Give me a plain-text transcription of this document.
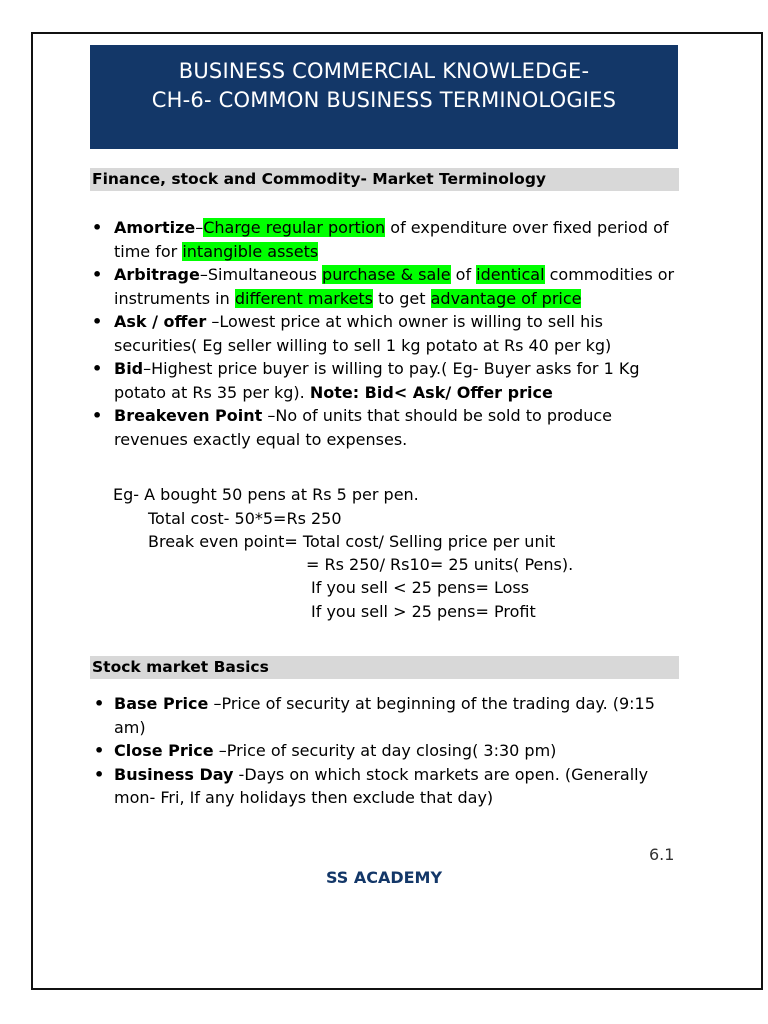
BUSINESS COMMERCIAL KNOWLEDGE-
CH-6- COMMON BUSINESS TERMINOLOGIES
Finance, stock and Commodity- Market Terminology
• Amortize–Charge regular portion of expenditure over fixed period of time for intangible assets
• Arbitrage–Simultaneous purchase & sale of identical commodities or instruments in different markets to get advantage of price
• Ask / offer –Lowest price at which owner is willing to sell his securities( Eg seller willing to sell 1 kg potato at Rs 40 per kg)
• Bid–Highest price buyer is willing to pay.( Eg- Buyer asks for 1 Kg potato at Rs 35 per kg). Note: Bid< Ask/ Offer price
• Breakeven Point –No of units that should be sold to produce revenues exactly equal to expenses.
Eg- A bought 50 pens at Rs 5 per pen.
Total cost- 50*5=Rs 250
Break even point= Total cost/ Selling price per unit
= Rs 250/ Rs10= 25 units( Pens).
If you sell < 25 pens= Loss
If you sell > 25 pens= Profit
Stock market Basics
• Base Price –Price of security at beginning of the trading day. (9:15 am)
• Close Price –Price of security at day closing( 3:30 pm)
• Business Day -Days on which stock markets are open. (Generally mon- Fri, If any holidays then exclude that day)
6.1
SS ACADEMY
